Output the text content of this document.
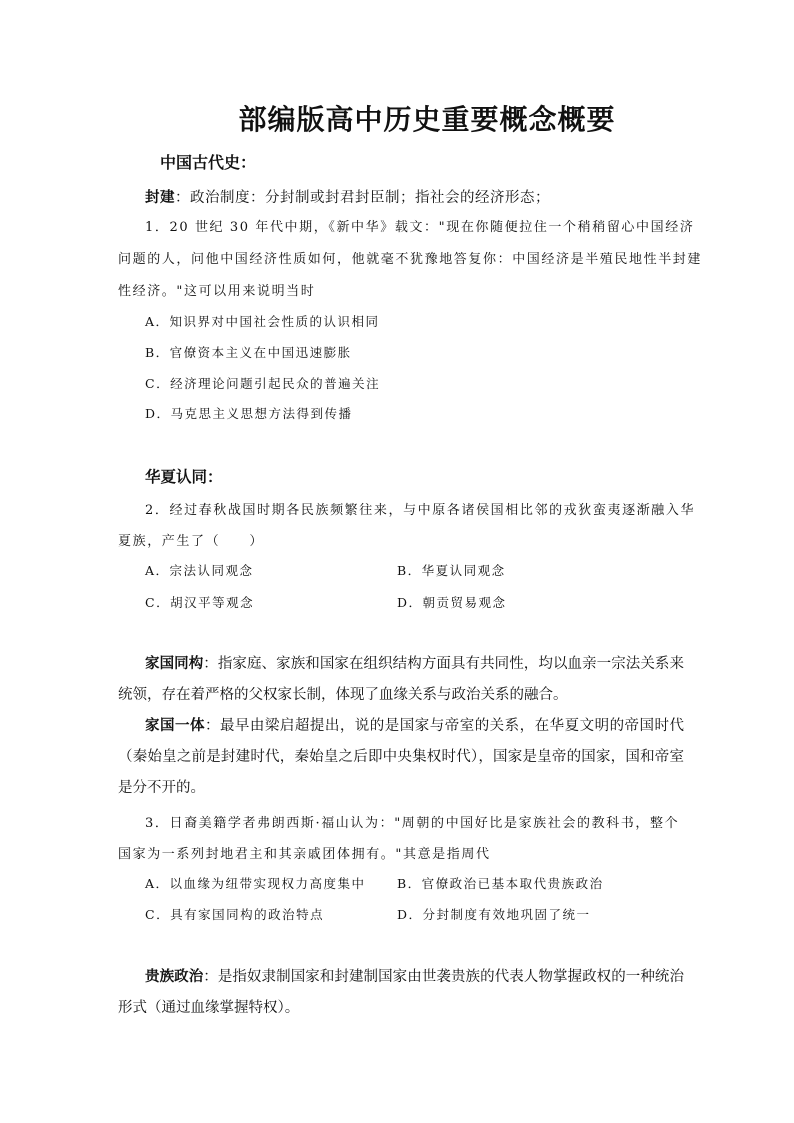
部编版高中历史重要概念概要
中国古代史：
封建：政治制度：分封制或封君封臣制；指社会的经济形态；
1．20 世纪 30 年代中期，《新中华》载文："现在你随便拉住一个稍稍留心中国经济
问题的人，问他中国经济性质如何，他就毫不犹豫地答复你：中国经济是半殖民地性半封建
性经济。"这可以用来说明当时
A．知识界对中国社会性质的认识相同
B．官僚资本主义在中国迅速膨胀
C．经济理论问题引起民众的普遍关注
D．马克思主义思想方法得到传播
华夏认同：
2．经过春秋战国时期各民族频繁往来，与中原各诸侯国相比邻的戎狄蛮夷逐渐融入华
夏族，产生了（　　）
A．宗法认同观念	B．华夏认同观念
C．胡汉平等观念	D．朝贡贸易观念
家国同构：指家庭、家族和国家在组织结构方面具有共同性，均以血亲一宗法关系来统领，存在着严格的父权家长制，体现了血缘关系与政治关系的融合。
家国一体：最早由梁启超提出，说的是国家与帝室的关系，在华夏文明的帝国时代（秦始皇之前是封建时代，秦始皇之后即中央集权时代），国家是皇帝的国家，国和帝室是分不开的。
3．日裔美籍学者弗朗西斯·福山认为："周朝的中国好比是家族社会的教科书，整个
国家为一系列封地君主和其亲戚团体拥有。"其意是指周代
A．以血缘为纽带实现权力高度集中	B．官僚政治已基本取代贵族政治
C．具有家国同构的政治特点	D．分封制度有效地巩固了统一
贵族政治：是指奴隶制国家和封建制国家由世袭贵族的代表人物掌握政权的一种统治形式（通过血缘掌握特权）。
